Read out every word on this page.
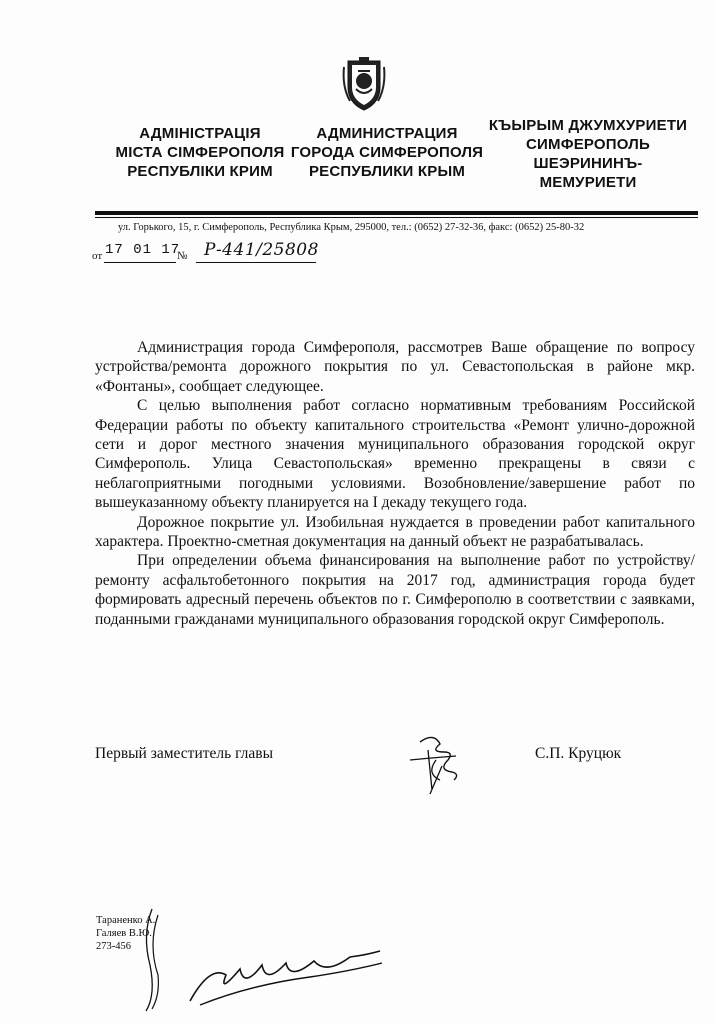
АДМІНІСТРАЦІЯ
МІСТА СІМФЕРОПОЛЯ
РЕСПУБЛІКИ КРИМ
АДМИНИСТРАЦИЯ
ГОРОДА СИМФЕРОПОЛЯ
РЕСПУБЛИКИ КРЫМ
КЪЫРЫМ ДЖУМХУРИЕТИ
СИМФЕРОПОЛЬ
ШЕЭРИНИНЪ-
МЕМУРИЕТИ
ул. Горького, 15, г. Симферополь, Республика Крым, 295000, тел.: (0652) 27-32-36, факс: (0652) 25-80-32
от 17 01 17
№ Р-441/25808

Администрация города Симферополя, рассмотрев Ваше обращение по вопросу устройства/ремонта дорожного покрытия по ул. Севастопольская в районе мкр. «Фонтаны», сообщает следующее.

С целью выполнения работ согласно нормативным требованиям Российской Федерации работы по объекту капитального строительства «Ремонт улично-дорожной сети и дорог местного значения муниципального образования городской округ Симферополь. Улица Севастопольская» временно прекращены в связи с неблагоприятными погодными условиями. Возобновление/завершение работ по вышеуказанному объекту планируется на I декаду текущего года.

Дорожное покрытие ул. Изобильная нуждается в проведении работ капитального характера. Проектно-сметная документация на данный объект не разрабатывалась.

При определении объема финансирования на выполнение работ по устройству/ремонту асфальтобетонного покрытия на 2017 год, администрация города будет формировать адресный перечень объектов по г. Симферополю в соответствии с заявками, поданными гражданами муниципального образования городской округ Симферополь.

Первый заместитель главы	С.П. Круцюк
Тараненко А.
Галяев В.Ю.
273-456
